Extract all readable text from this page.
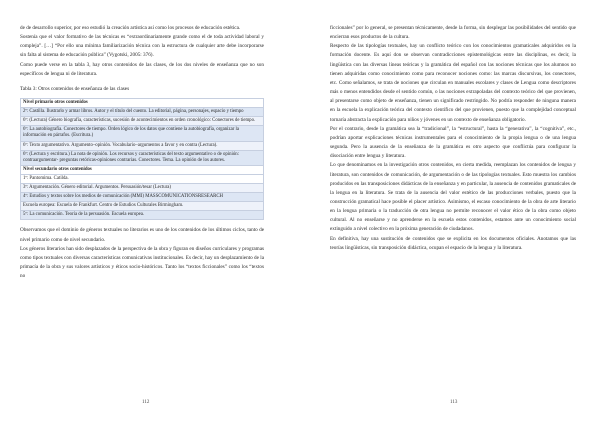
de de desarrollo superior, por eso estudió la creación artística así como los procesos de educación estética.

Sostenía que el valor formativo de las técnicas es “extraordinariamente grande como el de toda actividad laboral y compleja”. […] “Por ello una mínima familiarización técnica con la estructura de cualquier arte debe incorporarse sin falta al sistema de educación pública” (Vygotski, 2005: 376).

Como puede verse en la tabla 3, hay otros contenidos de las clases, de los dos niveles de enseñanza que no son específicos de lengua ni de literatura.

Tabla 3: Otros contenidos de enseñanza de las clases

Nivel primario otros contenidos
2º: Castilla. Ilustrarlo y armar libros. Autor y el título del cuento. La editorial, página, personajes, espacio y tiempo
6º: (Lectura) Género biografía, características, sucesión de acontecimientos en orden cronológico: Conectores de tiempo.
6º: La autobiografía. Conectores de tiempo. Orden lógico de los datos que contiene la autobiografía, organizar la información en párrafos. (Escritura.)
6º: Texto argumentativo. Argumento–opinión. Vocabulario–argumentos a favor y en contra (Lectura).
6º: (Lectura y escritura.) La nota de opinión. Los recursos y características del texto argumentativo o de opinión: contraargumentar- preguntas retóricas-opiniones contrarias. Conectores. Tema. La opinión de los autores.
Nivel secundario otros contenidos
1º: Pantomima. Catilda.
3º: Argumentación. Género editorial. Argumentos. Persuasión/tesar (Lectura)
4º: Estudios y textos sobre los medios de comunicación (MMI) MASSCOMUNICATIONSRESEARCH
Escuela europea: Escuela de Frankfurt. Centro de Estudios Culturales Birmingham.
5º: La comunicación. Teoría de la persuasión. Escuela europea.

Observamos que el dominio de géneros textuales no literarios es uno de los contenidos de los últimos ciclos, tanto de nivel primario como de nivel secundario.

Los géneros literarios han sido desplazados de la perspectiva de la obra y figuran en diseños curriculares y programas como tipos textuales con diversas características comunicativas institucionales. Es decir, hay un desplazamiento de la primacía de la obra y sus valores artísticos y éticos socio-históricos. Tanto los “textos ficcionales” como los “textos no

112

ficcionales” por lo general, se presentan técnicamente, desde la forma, sin desplegar las posibilidades del sentido que encierran esos productos de la cultura.

Respecto de las tipologías textuales, hay un conflicto teórico con los conocimientos gramaticales adquiridos en la formación docente. Es aquí don se observan contradicciones epistemológicas entre las disciplinas, es decir, la lingüística con las diversas líneas teóricas y la gramática del español con las nociones técnicas que los alumnos no tienen adquiridas como conocimiento como para reconocer nociones como: las marcas discursivas, los conectores, etc. Como señalamos, se trata de nociones que circulan en manuales escolares y clases de Lengua como descriptores más o menos entendidos desde el sentido común, o las nociones extrapoladas del contexto teórico del que provienen, al presentarse como objeto de enseñanza, tienen un significado restringido. No podría responder de ninguna manera en la escuela la explicación teórica del contexto científico del que provienen, puesto que la complejidad conceptual tornaría abstracta la explicación para niños y jóvenes en un contexto de enseñanza obligatorio.

Por el contrario, desde la gramática sea la “tradicional”, la “estructural”, hasta la “generativa”, la “cognitiva”, etc., podrían aportar explicaciones técnicas instrumentales para el conocimiento de la propia lengua o de una lengua segunda. Pero la ausencia de la enseñanza de la gramática es otro aspecto que conflictúa para configurar la disociación entre lengua y literatura.

Lo que denominamos en la investigación otros contenidos, en cierta medida, reemplazan los contenidos de lengua y literatura, son contenidos de comunicación, de argumentación o de las tipologías textuales. Esto muestra los cambios producidos en las transposiciones didácticas de la enseñanza y en particular, la ausencia de contenidos gramaticales de la lengua en la literatura. Se trata de la ausencia del valor estético de las producciones verbales, puesto que la construcción gramatical hace posible el placer artístico. Asimismo, el escaso conocimiento de la obra de arte literario en la lengua primaria o la traducción de otra lengua no permite reconocer el valor ético de la obra como objeto cultural. Al no enseñarse y no aprenderse en la escuela estos contenidos, estamos ante un conocimiento social extinguido a nivel colectivo en la próxima generación de ciudadanos.

En definitiva, hay una sustitución de contenidos que se explicita en los documentos oficiales. Anotamos que las teorías lingüísticas, sin transposición didáctica, ocupan el espacio de la lengua y la literatura.

113
